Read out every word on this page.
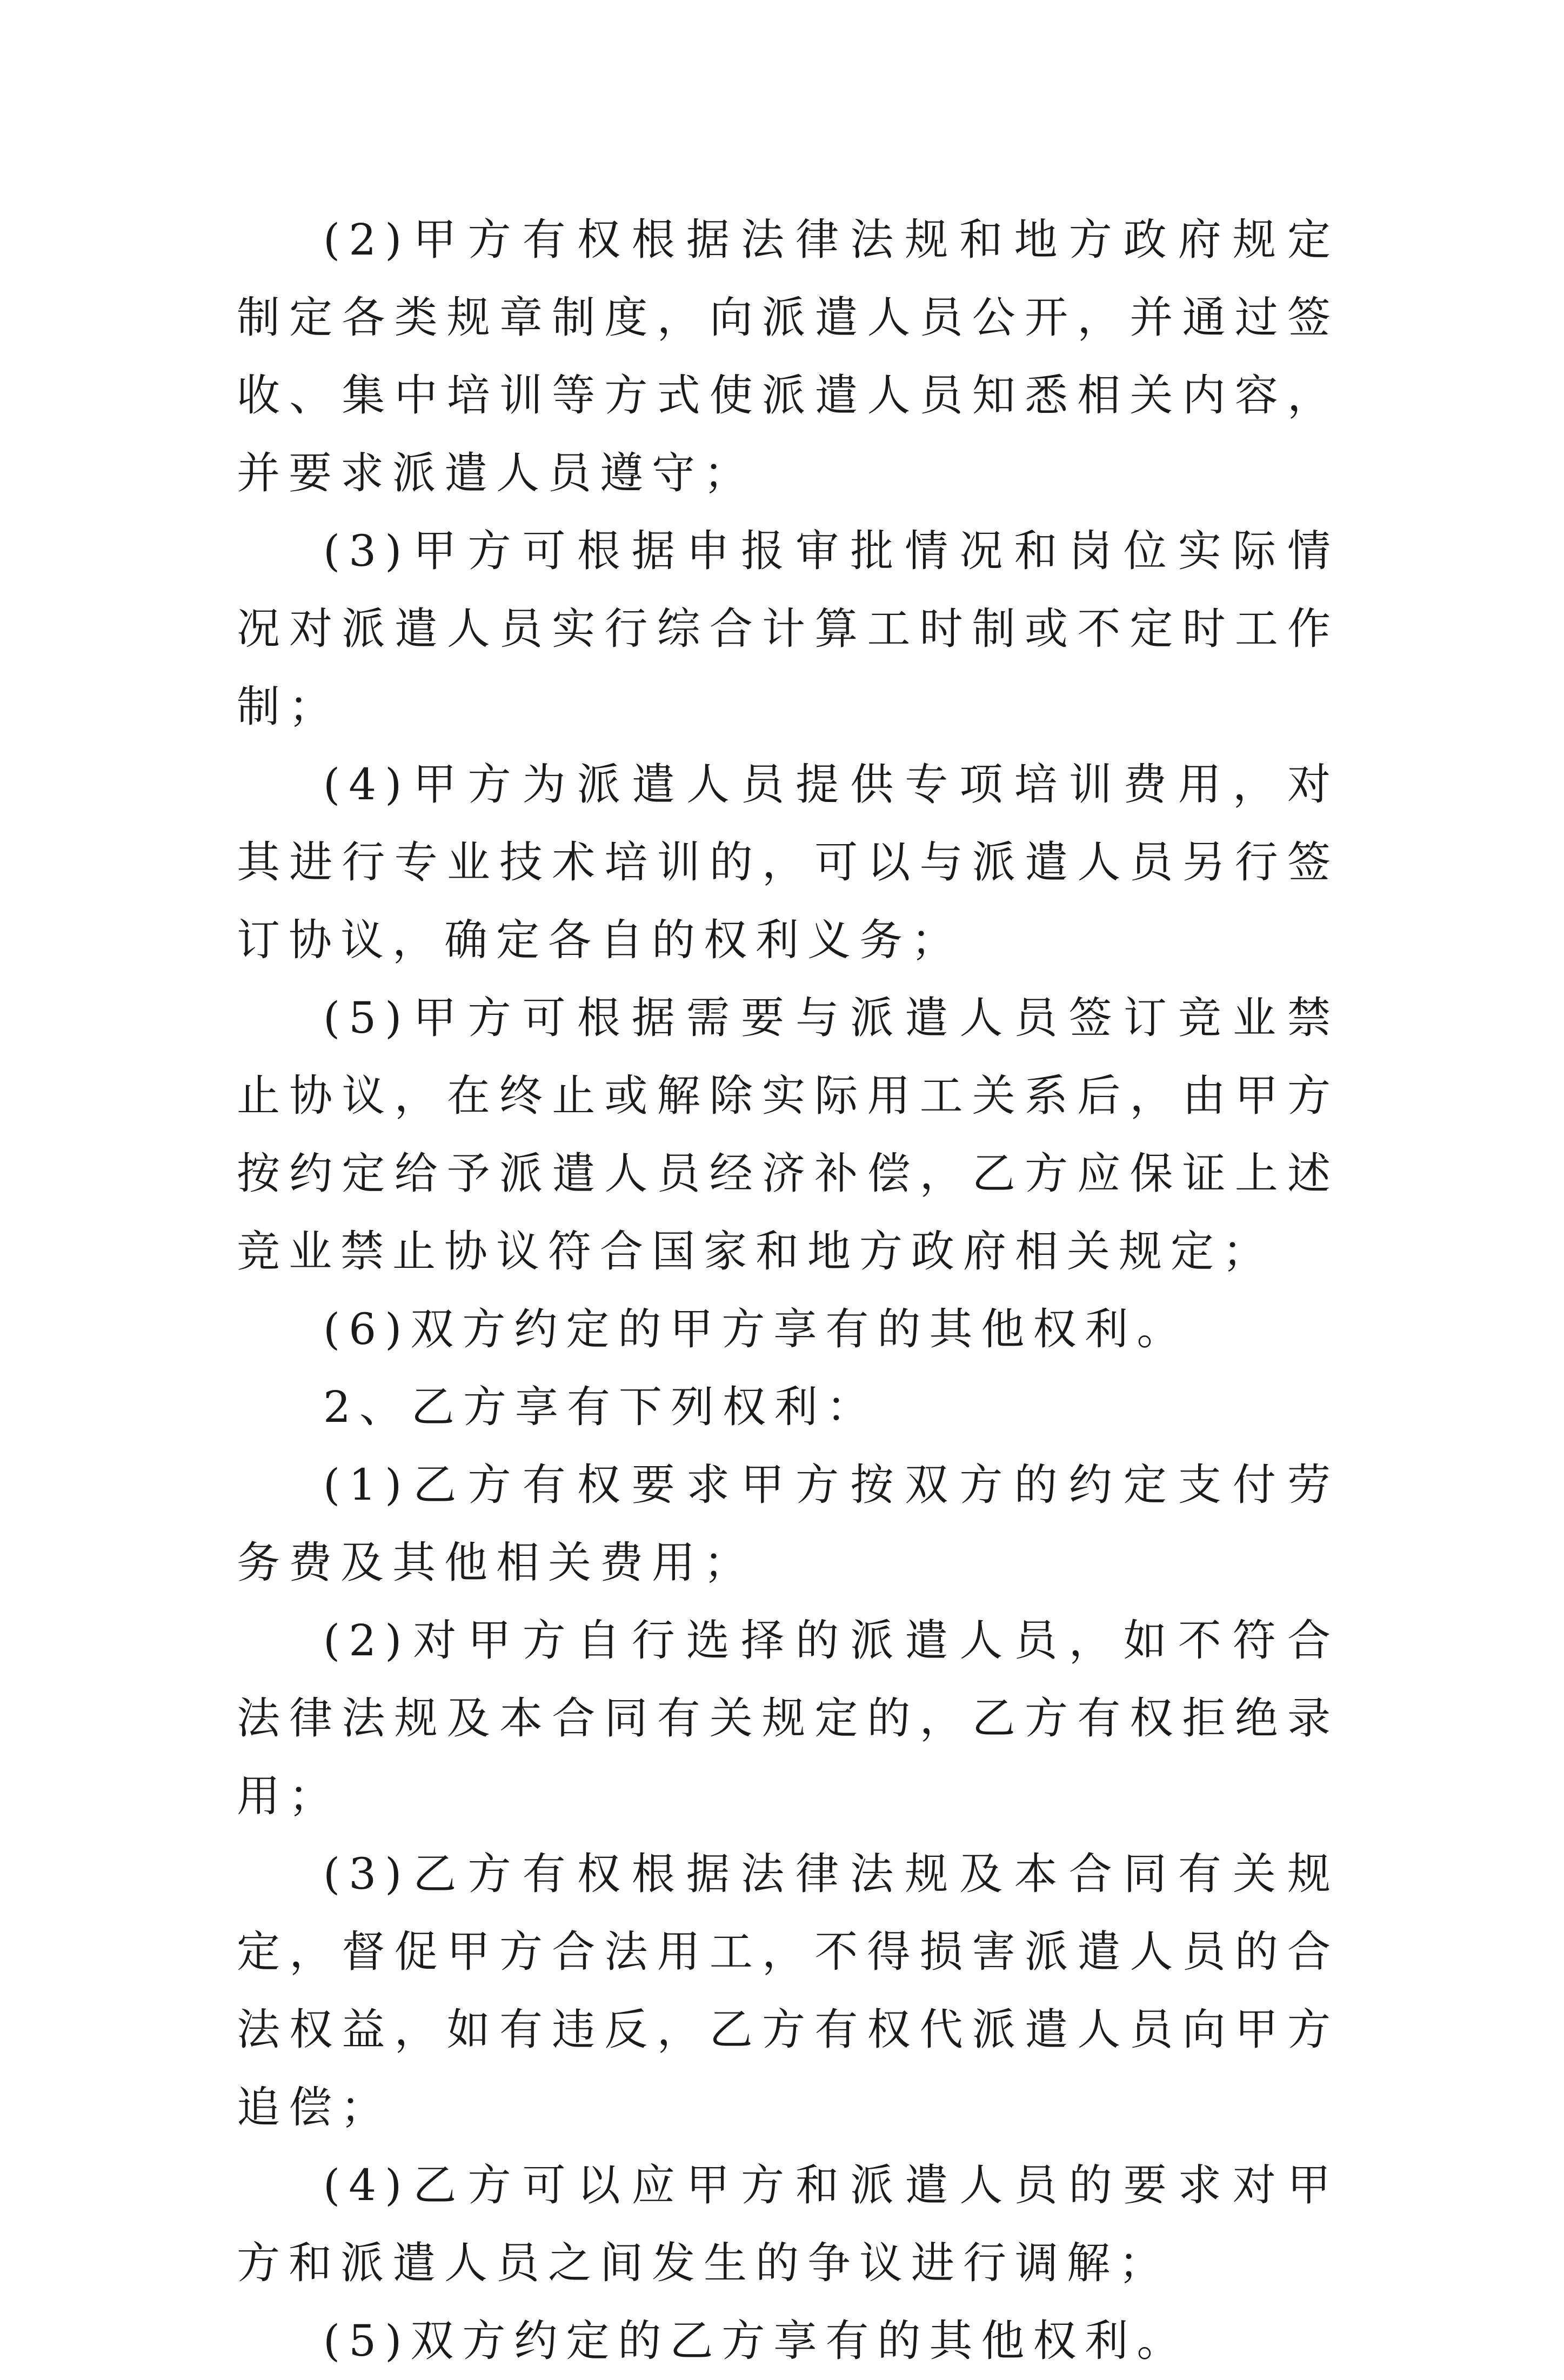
(2)甲方有权根据法律法规和地方政府规定制定各类规章制度，向派遣人员公开，并通过签收、集中培训等方式使派遣人员知悉相关内容，并要求派遣人员遵守；

(3)甲方可根据申报审批情况和岗位实际情况对派遣人员实行综合计算工时制或不定时工作制；

(4)甲方为派遣人员提供专项培训费用，对其进行专业技术培训的，可以与派遣人员另行签订协议，确定各自的权利义务；

(5)甲方可根据需要与派遣人员签订竞业禁止协议，在终止或解除实际用工关系后，由甲方按约定给予派遣人员经济补偿，乙方应保证上述竞业禁止协议符合国家和地方政府相关规定；

(6)双方约定的甲方享有的其他权利。

2、乙方享有下列权利：

(1)乙方有权要求甲方按双方的约定支付劳务费及其他相关费用；

(2)对甲方自行选择的派遣人员，如不符合法律法规及本合同有关规定的，乙方有权拒绝录用；

(3)乙方有权根据法律法规及本合同有关规定，督促甲方合法用工，不得损害派遣人员的合法权益，如有违反，乙方有权代派遣人员向甲方追偿；

(4)乙方可以应甲方和派遣人员的要求对甲方和派遣人员之间发生的争议进行调解；

(5)双方约定的乙方享有的其他权利。
